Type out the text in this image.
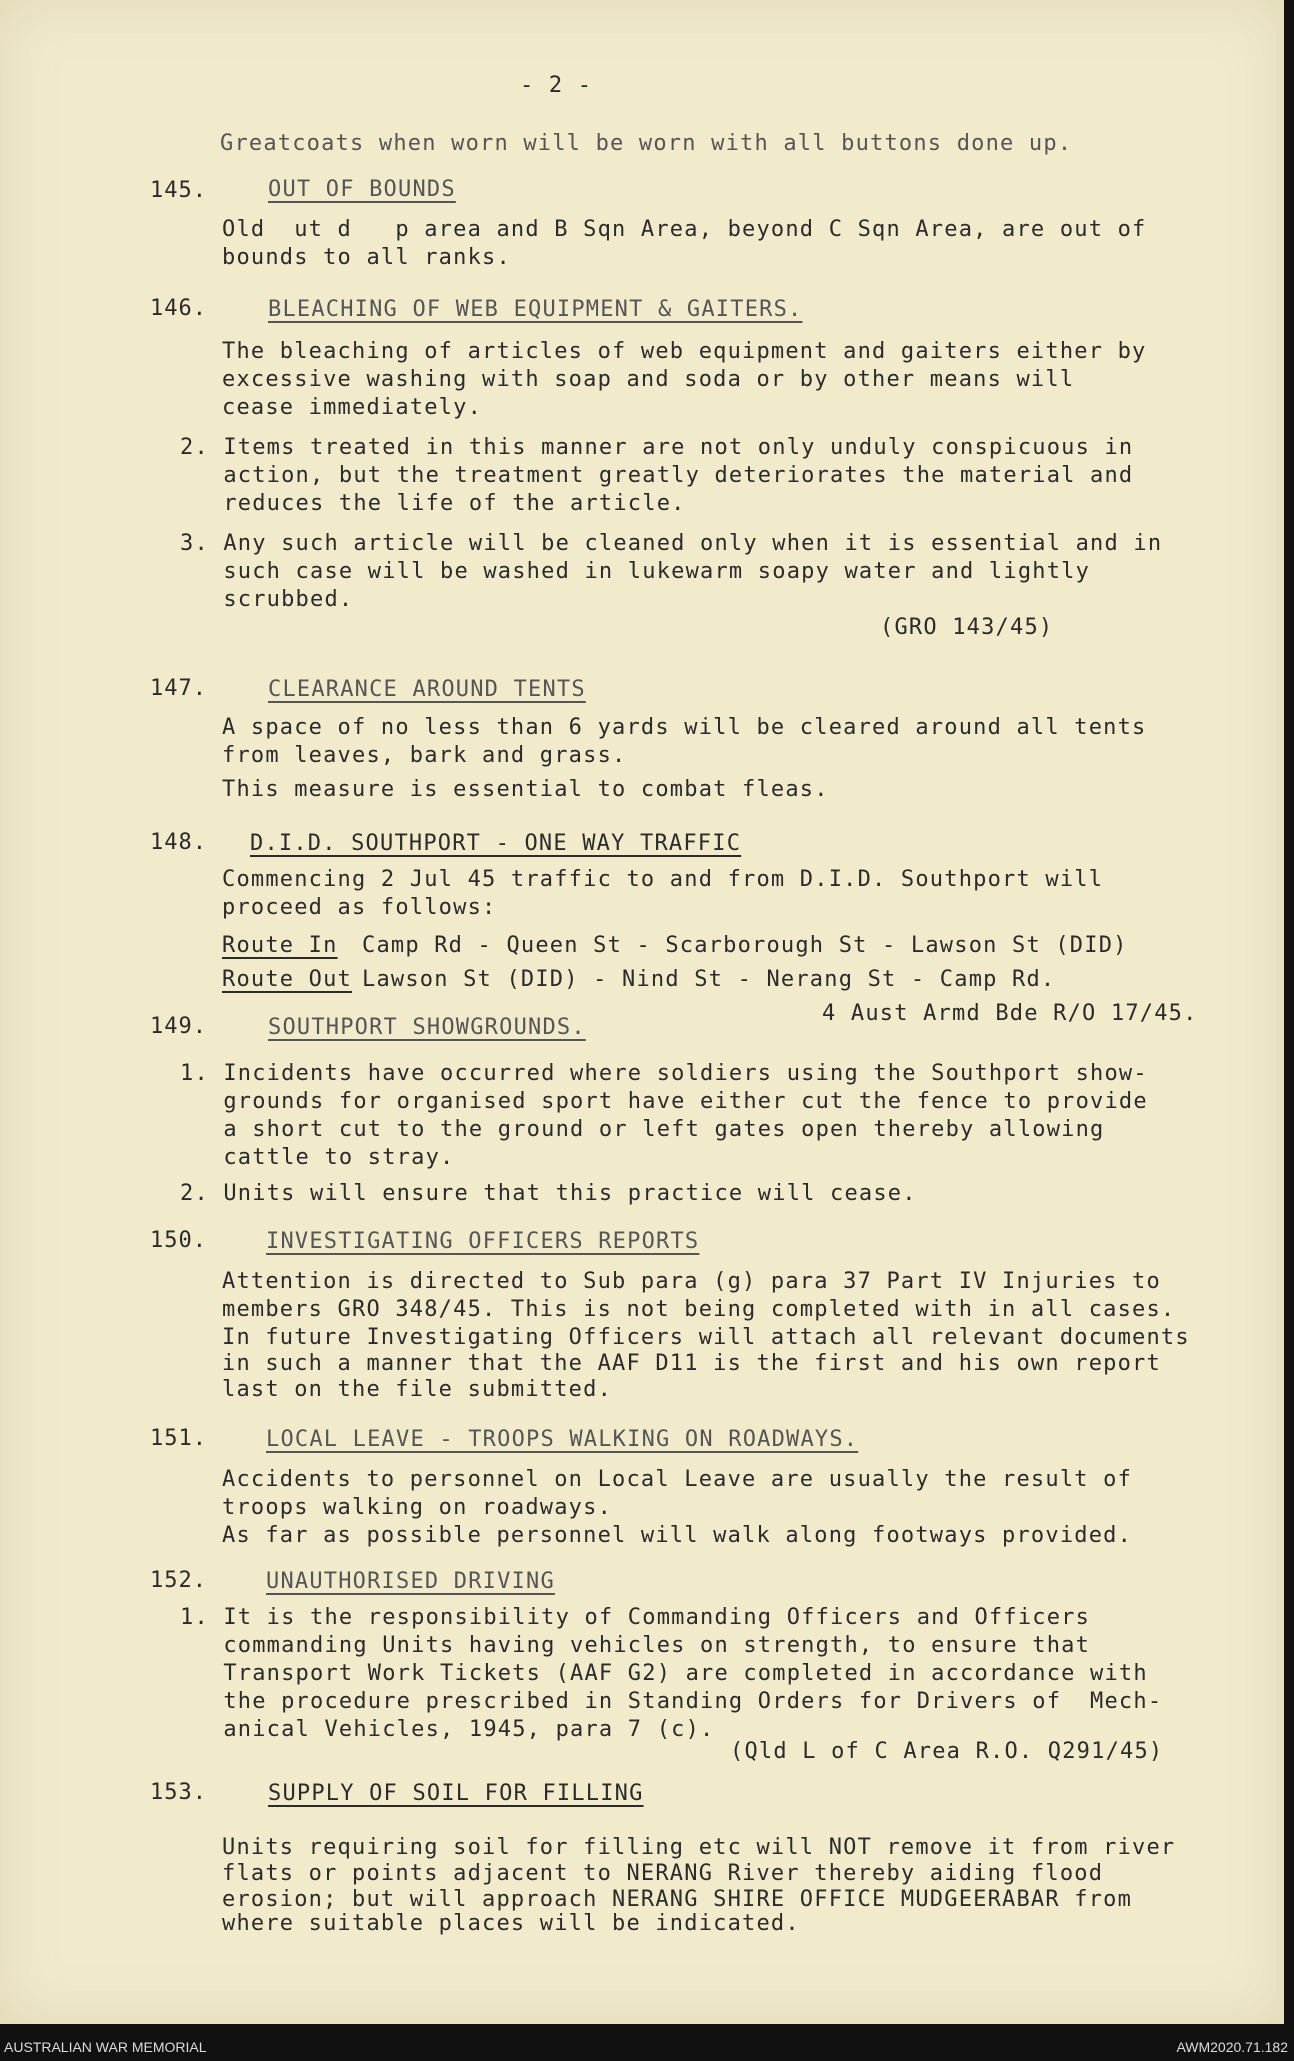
- 2 -
Greatcoats when worn will be worn with all buttons done up.
145.	OUT OF BOUNDS
Old  ut d   p area and B Sqn Area, beyond C Sqn Area, are out of
bounds to all ranks.
146.	BLEACHING OF WEB EQUIPMENT & GAITERS.
The bleaching of articles of web equipment and gaiters either by
excessive washing with soap and soda or by other means will
cease immediately.
2. Items treated in this manner are not only unduly conspicuous in
action, but the treatment greatly deteriorates the material and
reduces the life of the article.
3. Any such article will be cleaned only when it is essential and in
such case will be washed in lukewarm soapy water and lightly
scrubbed.
(GRO 143/45)
147.	CLEARANCE AROUND TENTS
A space of no less than 6 yards will be cleared around all tents
from leaves, bark and grass.
This measure is essential to combat fleas.
148. D.I.D. SOUTHPORT - ONE WAY TRAFFIC
Commencing 2 Jul 45 traffic to and from D.I.D. Southport will
proceed as follows:
Route In Camp Rd - Queen St - Scarborough St - Lawson St (DID)
Route Out Lawson St (DID) - Nind St - Nerang St - Camp Rd.
4 Aust Armd Bde R/O 17/45.
149.	SOUTHPORT SHOWGROUNDS.
1. Incidents have occurred where soldiers using the Southport show-
grounds for organised sport have either cut the fence to provide
a short cut to the ground or left gates open thereby allowing
cattle to stray.
2. Units will ensure that this practice will cease.
150.	INVESTIGATING OFFICERS REPORTS
Attention is directed to Sub para (g) para 37 Part IV Injuries to
members GRO 348/45. This is not being completed with in all cases.
In future Investigating Officers will attach all relevant documents
in such a manner that the AAF D11 is the first and his own report
last on the file submitted.
151.	LOCAL LEAVE - TROOPS WALKING ON ROADWAYS.
Accidents to personnel on Local Leave are usually the result of
troops walking on roadways.
As far as possible personnel will walk along footways provided.
152.	UNAUTHORISED DRIVING
1. It is the responsibility of Commanding Officers and Officers
commanding Units having vehicles on strength, to ensure that
Transport Work Tickets (AAF G2) are completed in accordance with
the procedure prescribed in Standing Orders for Drivers of  Mech-
anical Vehicles, 1945, para 7 (c).
(Qld L of C Area R.O. Q291/45)
153.	SUPPLY OF SOIL FOR FILLING
Units requiring soil for filling etc will NOT remove it from river
flats or points adjacent to NERANG River thereby aiding flood
erosion; but will approach NERANG SHIRE OFFICE MUDGEERABAR from
where suitable places will be indicated.
AUSTRALIAN WAR MEMORIAL	AWM2020.71.182
